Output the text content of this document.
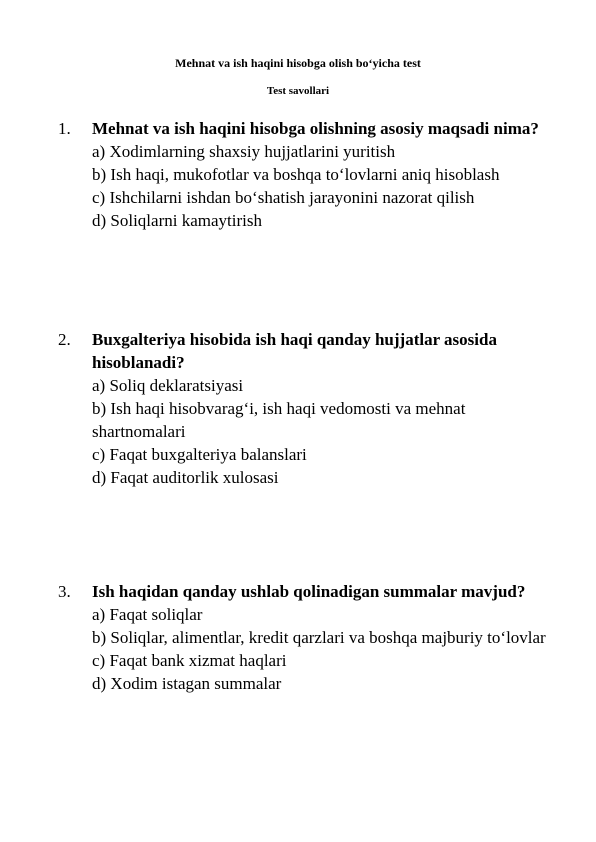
Mehnat va ish haqini hisobga olish bo‘yicha test

Test savollari

1. Mehnat va ish haqini hisobga olishning asosiy maqsadi nima?

a) Xodimlarning shaxsiy hujjatlarini yuritish

b) Ish haqi, mukofotlar va boshqa to‘lovlarni aniq hisoblash

c) Ishchilarni ishdan bo‘shatish jarayonini nazorat qilish

d) Soliqlarni kamaytirish

2. Buxgalteriya hisobida ish haqi qanday hujjatlar asosida hisoblanadi?

a) Soliq deklaratsiyasi

b) Ish haqi hisobvarag‘i, ish haqi vedomosti va mehnat shartnomalari

c) Faqat buxgalteriya balanslari

d) Faqat auditorlik xulosasi

3. Ish haqidan qanday ushlab qolinadigan summalar mavjud?

a) Faqat soliqlar

b) Soliqlar, alimentlar, kredit qarzlari va boshqa majburiy to‘lovlar

c) Faqat bank xizmat haqlari

d) Xodim istagan summalar
